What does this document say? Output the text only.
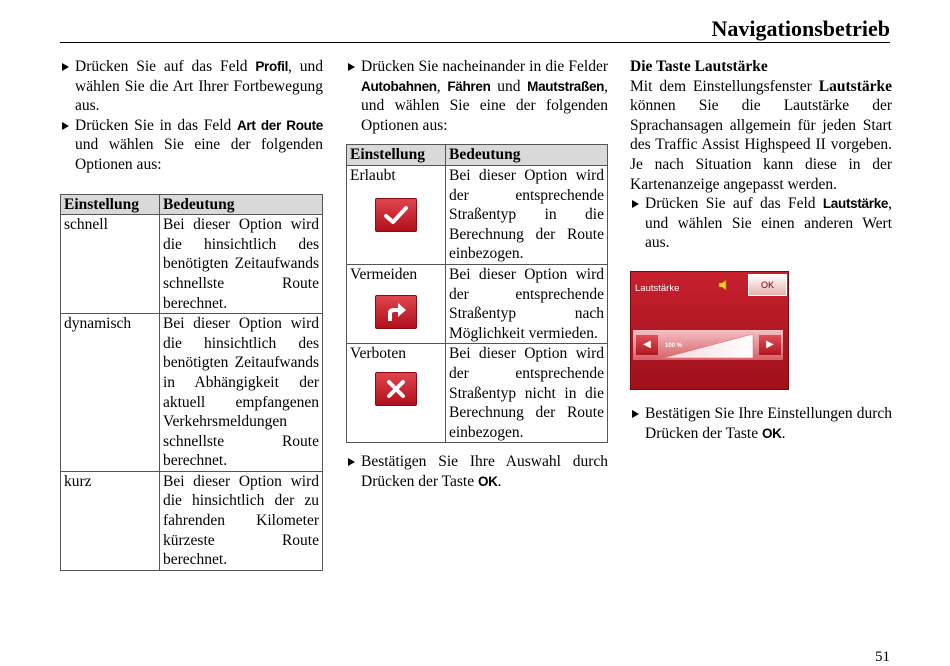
Navigationsbetrieb
Drücken Sie auf das Feld Profil, und wählen Sie die Art Ihrer Fortbewegung aus.
Drücken Sie in das Feld Art der Route und wählen Sie eine der folgenden Optionen aus:
Einstellung	Bedeutung
schnell	Bei dieser Option wird die hinsichtlich des benötigten Zeitaufwands schnellste Route berechnet.
dynamisch	Bei dieser Option wird die hinsichtlich des benötigten Zeitaufwands in Abhängigkeit der aktuell empfangenen Verkehrsmeldungen schnellste Route berechnet.
kurz	Bei dieser Option wird die hinsichtlich der zu fahrenden Kilometer kürzeste Route berechnet.
Drücken Sie nacheinander in die Felder Autobahnen, Fähren und Mautstraßen, und wählen Sie eine der folgenden Optionen aus:
Einstellung	Bedeutung

Erlaubt	Bei dieser Option wird der entsprechende Straßentyp in die Berechnung der Route einbezogen.

Vermeiden	Bei dieser Option wird der entsprechende Straßentyp nach Möglichkeit vermieden.

Verboten	Bei dieser Option wird der entsprechende Straßentyp nicht in die Berechnung der Route einbezogen.
Bestätigen Sie Ihre Auswahl durch Drücken der Taste OK.

Die Taste Lautstärke

Mit dem Einstellungsfenster Lautstärke können Sie die Lautstärke der Sprachansagen allgemein für jeden Start des Traffic Assist Highspeed II vorgeben. Je nach Situation kann diese in der Kartenanzeige angepasst werden.

Drücken Sie auf das Feld Lautstärke, und wählen Sie einen anderen Wert aus.
Lautstärke	OK
◀	100 %	▶
Bestätigen Sie Ihre Einstellungen durch Drücken der Taste OK.
51
